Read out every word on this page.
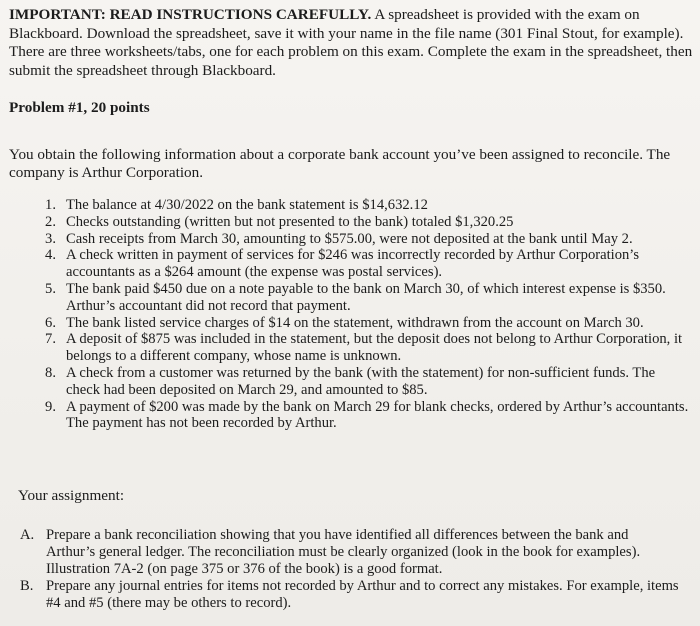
IMPORTANT: READ INSTRUCTIONS CAREFULLY. A spreadsheet is provided with the exam on Blackboard. Download the spreadsheet, save it with your name in the file name (301 Final Stout, for example). There are three worksheets/tabs, one for each problem on this exam. Complete the exam in the spreadsheet, then submit the spreadsheet through Blackboard.
Problem #1, 20 points
You obtain the following information about a corporate bank account you’ve been assigned to reconcile. The company is Arthur Corporation.
1. The balance at 4/30/2022 on the bank statement is $14,632.12
2. Checks outstanding (written but not presented to the bank) totaled $1,320.25
3. Cash receipts from March 30, amounting to $575.00, were not deposited at the bank until May 2.
4. A check written in payment of services for $246 was incorrectly recorded by Arthur Corporation’s accountants as a $264 amount (the expense was postal services).
5. The bank paid $450 due on a note payable to the bank on March 30, of which interest expense is $350. Arthur’s accountant did not record that payment.
6. The bank listed service charges of $14 on the statement, withdrawn from the account on March 30.
7. A deposit of $875 was included in the statement, but the deposit does not belong to Arthur Corporation, it belongs to a different company, whose name is unknown.
8. A check from a customer was returned by the bank (with the statement) for non-sufficient funds. The check had been deposited on March 29, and amounted to $85.
9. A payment of $200 was made by the bank on March 29 for blank checks, ordered by Arthur’s accountants. The payment has not been recorded by Arthur.
Your assignment:
A. Prepare a bank reconciliation showing that you have identified all differences between the bank and Arthur’s general ledger. The reconciliation must be clearly organized (look in the book for examples). Illustration 7A-2 (on page 375 or 376 of the book) is a good format.
B. Prepare any journal entries for items not recorded by Arthur and to correct any mistakes. For example, items #4 and #5 (there may be others to record).
